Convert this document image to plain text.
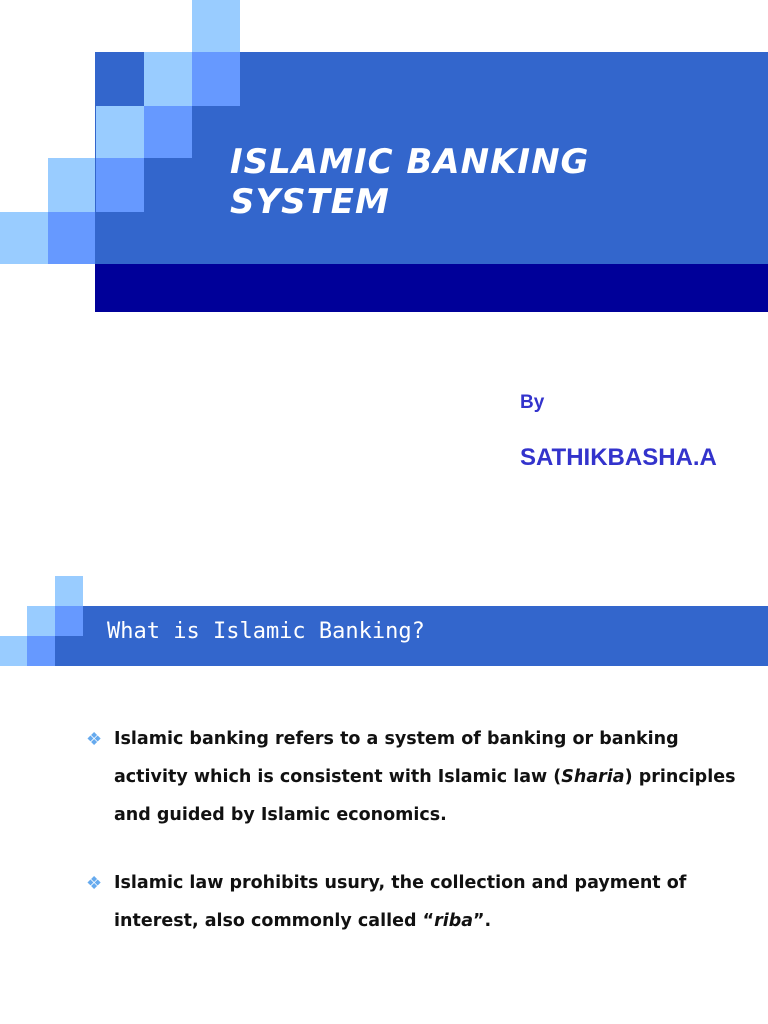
ISLAMIC BANKING SYSTEM
By
SATHIKBASHA.A
What is Islamic Banking?
❖ Islamic banking refers to a system of banking or banking activity which is consistent with Islamic law (Sharia) principles and guided by Islamic economics.

❖ Islamic law prohibits usury, the collection and payment of interest, also commonly called “riba”.
